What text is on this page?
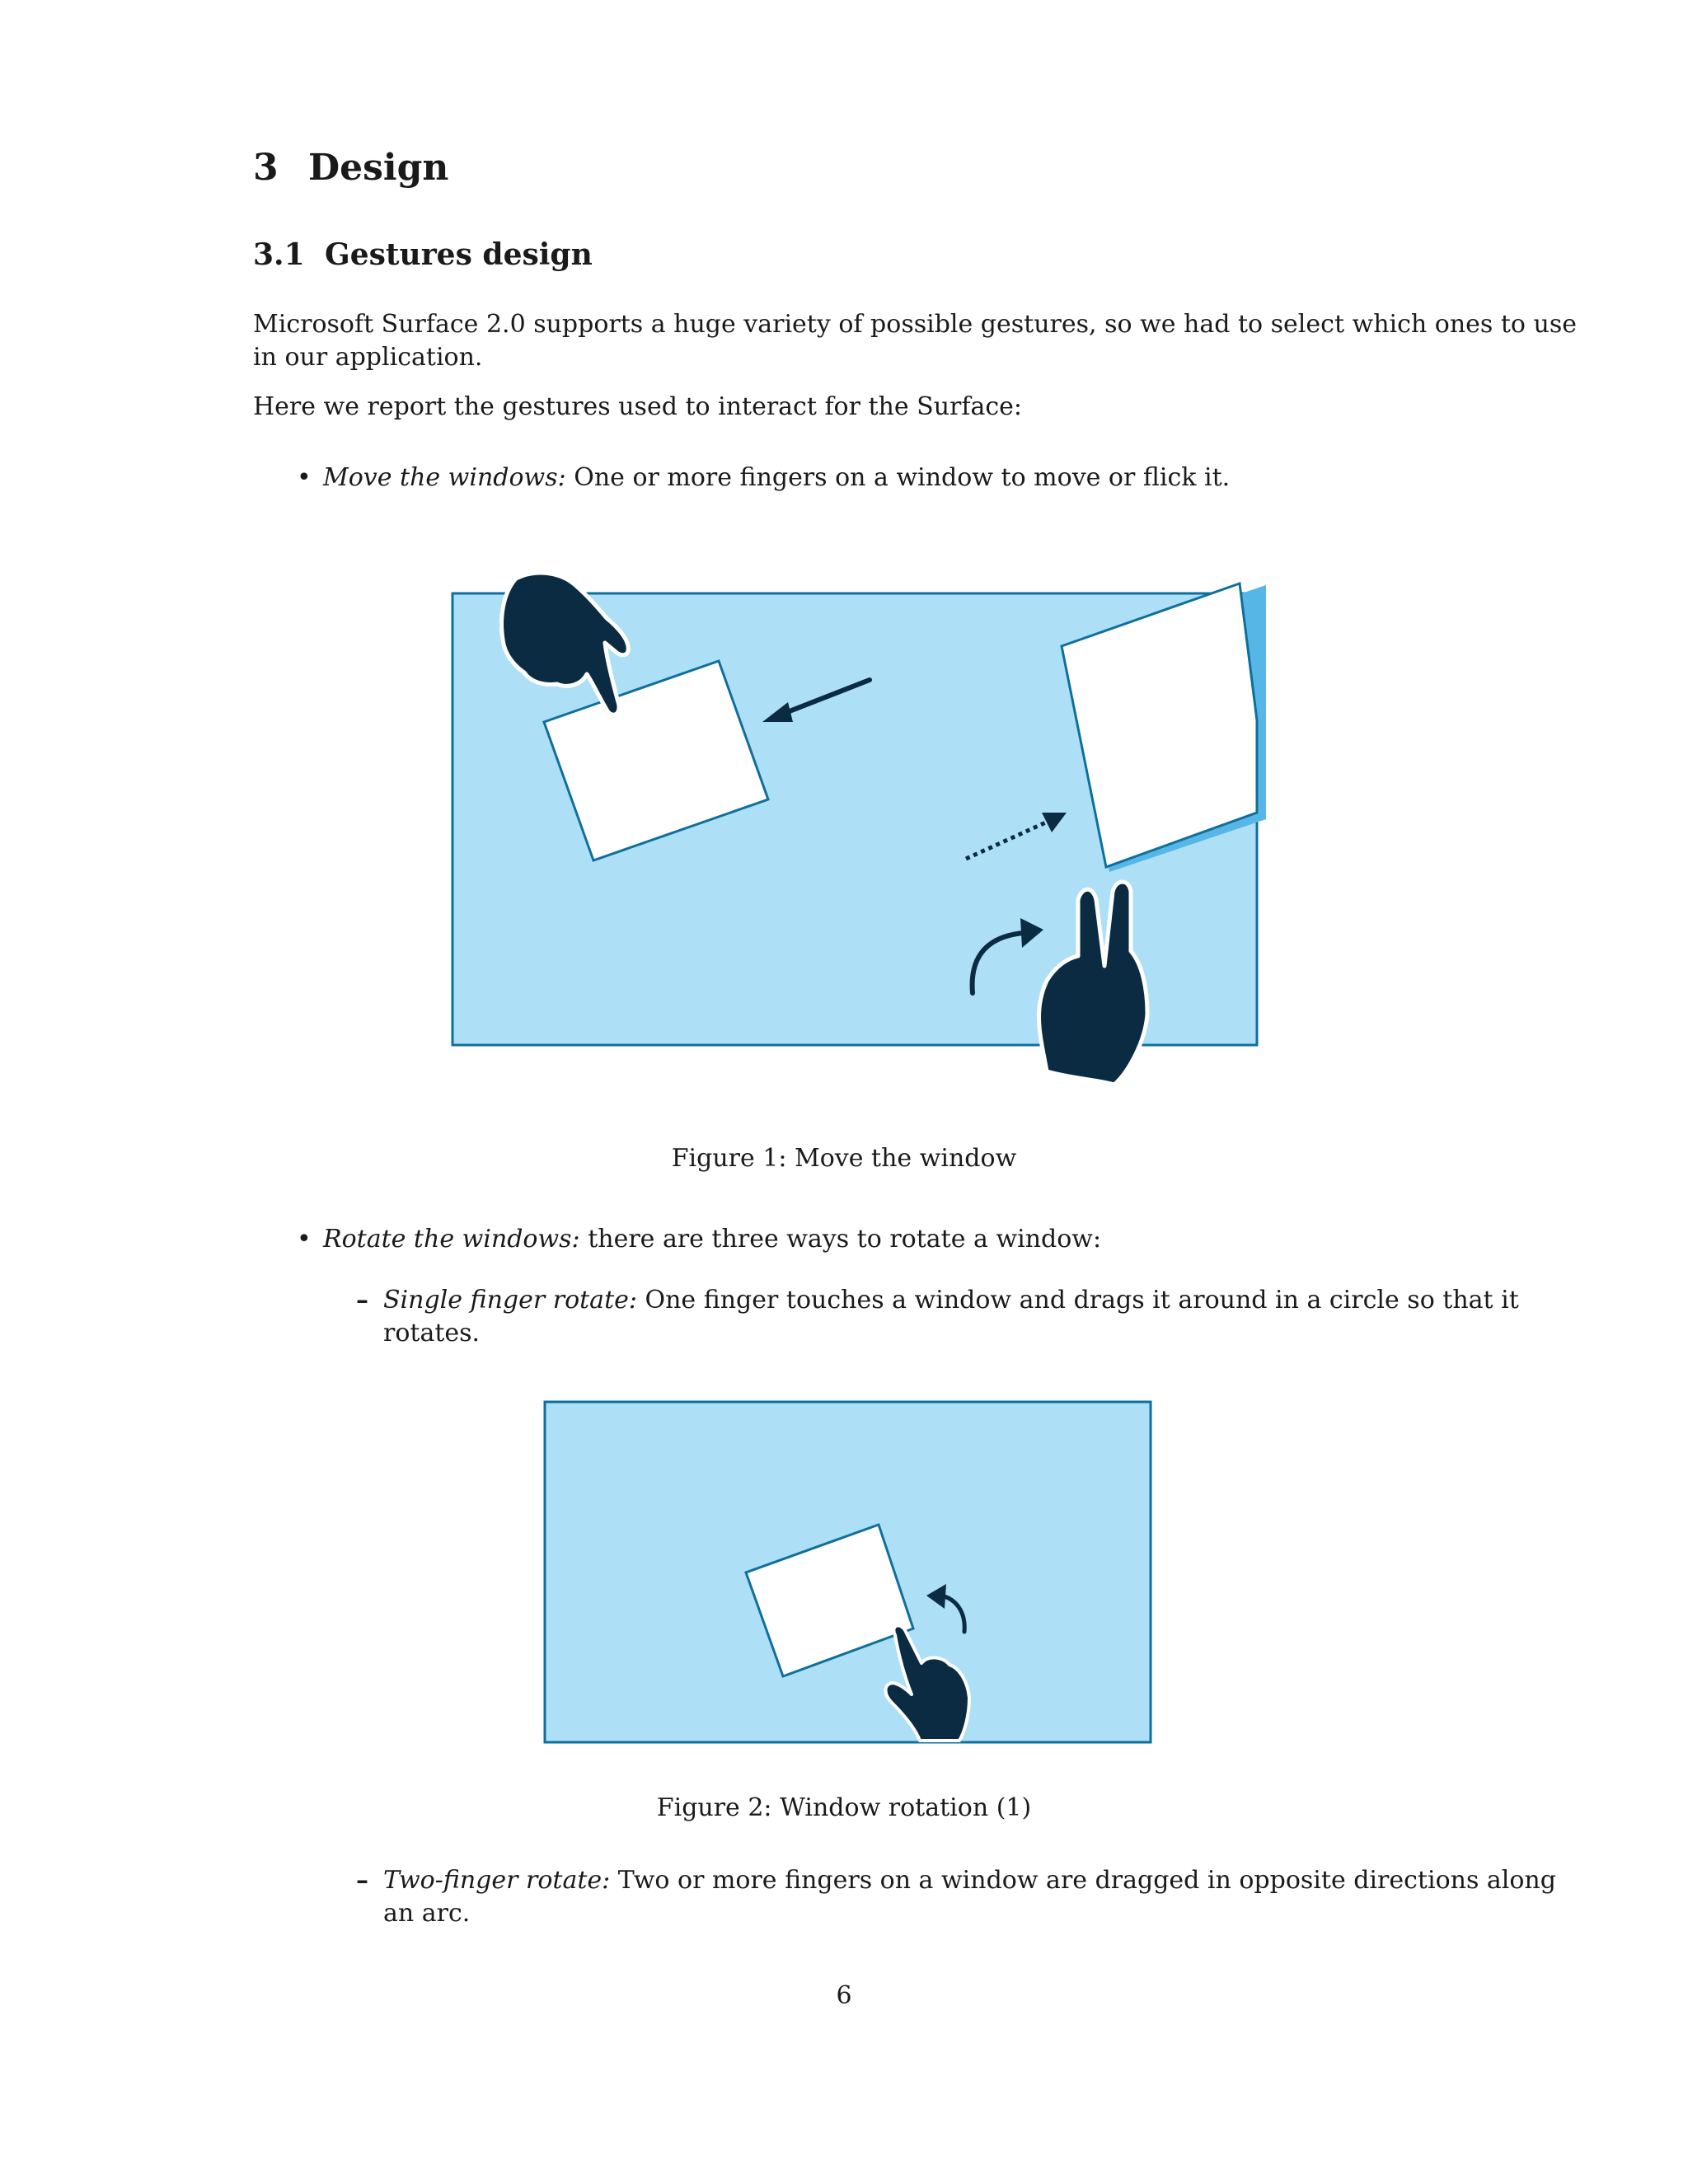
3 Design
3.1 Gestures design
Microsoft Surface 2.0 supports a huge variety of possible gestures, so we had to select which ones to use
in our application.
Here we report the gestures used to interact for the Surface:
• Move the windows: One or more fingers on a window to move or flick it.
Figure 1: Move the window
• Rotate the windows: there are three ways to rotate a window:
– Single finger rotate: One finger touches a window and drags it around in a circle so that it
rotates.
Figure 2: Window rotation (1)
– Two-finger rotate: Two or more fingers on a window are dragged in opposite directions along
an arc.
6
